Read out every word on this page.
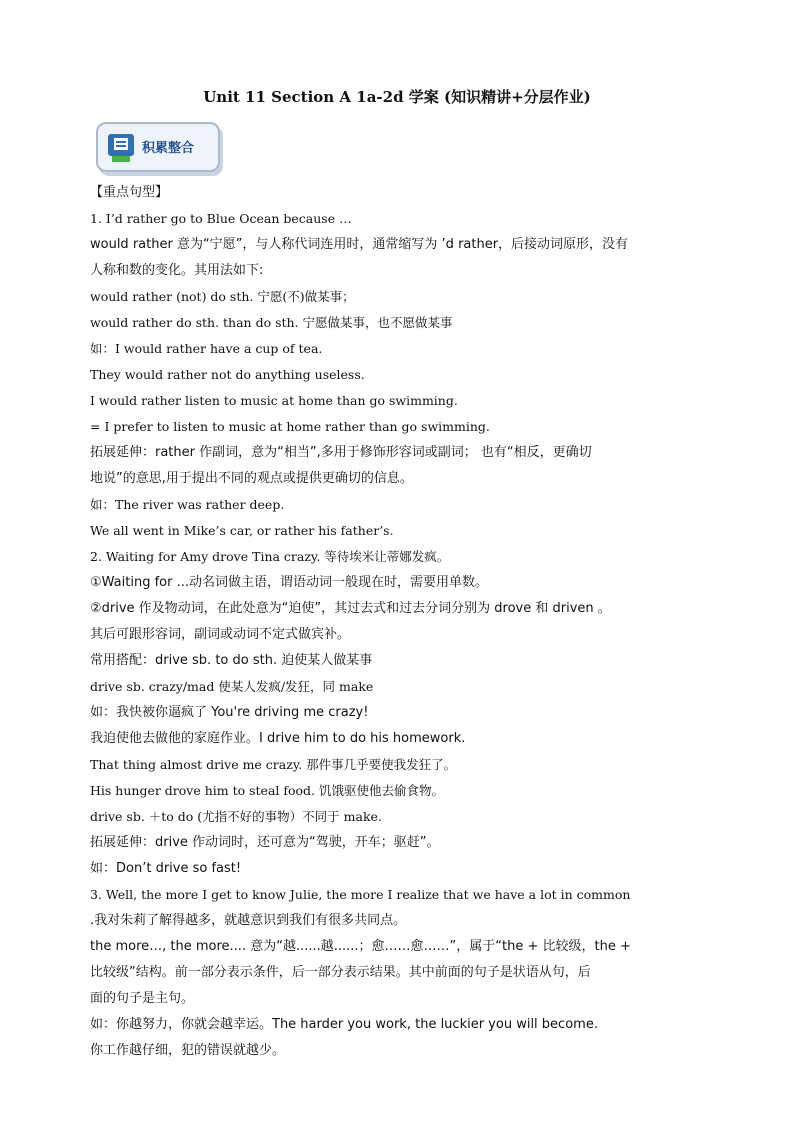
Unit 11 Section A 1a-2d 学案 (知识精讲+分层作业)
积累整合
【重点句型】
1. I’d rather go to Blue Ocean because …
would rather 意为“宁愿”，与人称代词连用时，通常缩写为 ’d rather，后接动词原形，没有
人称和数的变化。其用法如下:
would rather (not) do sth. 宁愿(不)做某事；
would rather do sth. than do sth. 宁愿做某事，也不愿做某事
如：I would rather have a cup of tea.
They would rather not do anything useless.
I would rather listen to music at home than go swimming.
= I prefer to listen to music at home rather than go swimming.
拓展延伸：rather 作副词，意为“相当”,多用于修饰形容词或副词； 也有“相反，更确切
地说”的意思,用于提出不同的观点或提供更确切的信息。
如：The river was rather deep.
We all went in Mike’s car, or rather his father’s.
2. Waiting for Amy drove Tina crazy. 等待埃米让蒂娜发疯。
①Waiting for ...动名词做主语，谓语动词一般现在时，需要用单数。
②drive 作及物动词，在此处意为“迫使”，其过去式和过去分词分别为 drove 和 driven 。
其后可跟形容词，副词或动词不定式做宾补。
常用搭配：drive sb. to do sth. 迫使某人做某事
drive sb. crazy/mad 使某人发疯/发狂，同 make
如：我快被你逼疯了 You're driving me crazy!
我迫使他去做他的家庭作业。I drive him to do his homework.
That thing almost drive me crazy. 那件事几乎要使我发狂了。
His hunger drove him to steal food. 饥饿驱使他去偷食物。
drive sb. ＋to do (尤指不好的事物）不同于 make.
拓展延伸：drive 作动词时，还可意为“驾驶，开车；驱赶”。
如：Don’t drive so fast!
3. Well, the more I get to know Julie, the more I realize that we have a lot in common
.我对朱莉了解得越多，就越意识到我们有很多共同点。
the more…, the more.... 意为“越......越......；愈……愈……”，属于“the + 比较级，the +
比较级”结构。前一部分表示条件，后一部分表示结果。其中前面的句子是状语从句，后
面的句子是主句。
如：你越努力，你就会越幸运。The harder you work, the luckier you will become.
你工作越仔细，犯的错误就越少。
